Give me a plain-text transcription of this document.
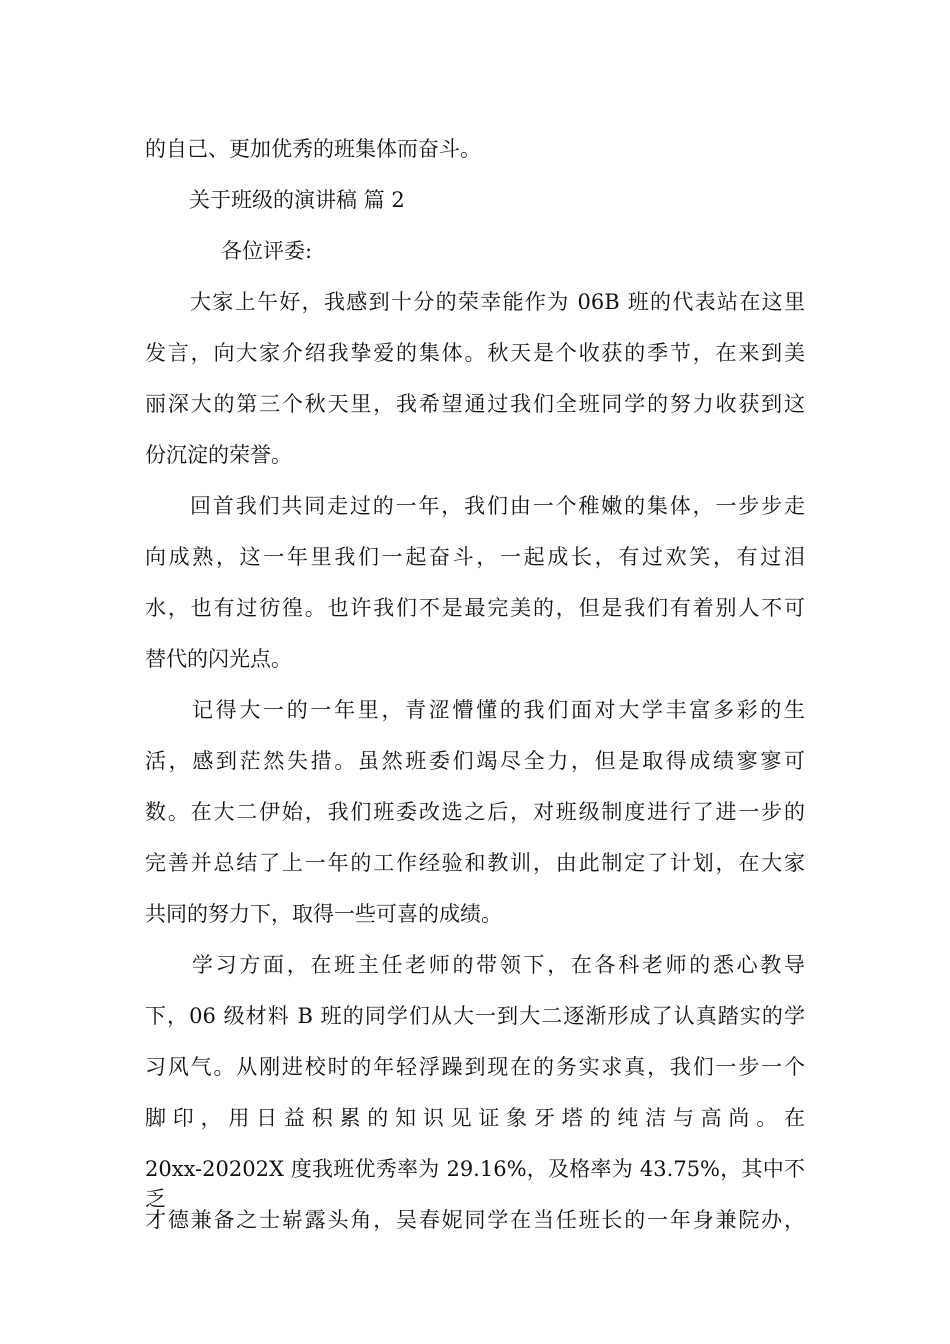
的自己、更加优秀的班集体而奋斗。
关于班级的演讲稿 篇 2
各位评委:
大家上午好，我感到十分的荣幸能作为 06B 班的代表站在这里
发言，向大家介绍我挚爱的集体。秋天是个收获的季节，在来到美
丽深大的第三个秋天里，我希望通过我们全班同学的努力收获到这
份沉淀的荣誉。
回首我们共同走过的一年，我们由一个稚嫩的集体，一步步走
向成熟，这一年里我们一起奋斗，一起成长，有过欢笑，有过泪
水，也有过彷徨。也许我们不是最完美的，但是我们有着别人不可
替代的闪光点。
记得大一的一年里，青涩懵懂的我们面对大学丰富多彩的生
活，感到茫然失措。虽然班委们竭尽全力，但是取得成绩寥寥可
数。在大二伊始，我们班委改选之后，对班级制度进行了进一步的
完善并总结了上一年的工作经验和教训，由此制定了计划，在大家
共同的努力下，取得一些可喜的成绩。
学习方面，在班主任老师的带领下，在各科老师的悉心教导
下，06 级材料 B 班的同学们从大一到大二逐渐形成了认真踏实的学
习风气。从刚进校时的年轻浮躁到现在的务实求真，我们一步一个
脚 印 ， 用 日 益 积 累 的 知 识 见 证 象 牙 塔 的 纯 洁 与 高 尚 。 在
20xx-20202X 度我班优秀率为 29.16%，及格率为 43.75%，其中不乏
才德兼备之士崭露头角，吴春妮同学在当任班长的一年身兼院办，
